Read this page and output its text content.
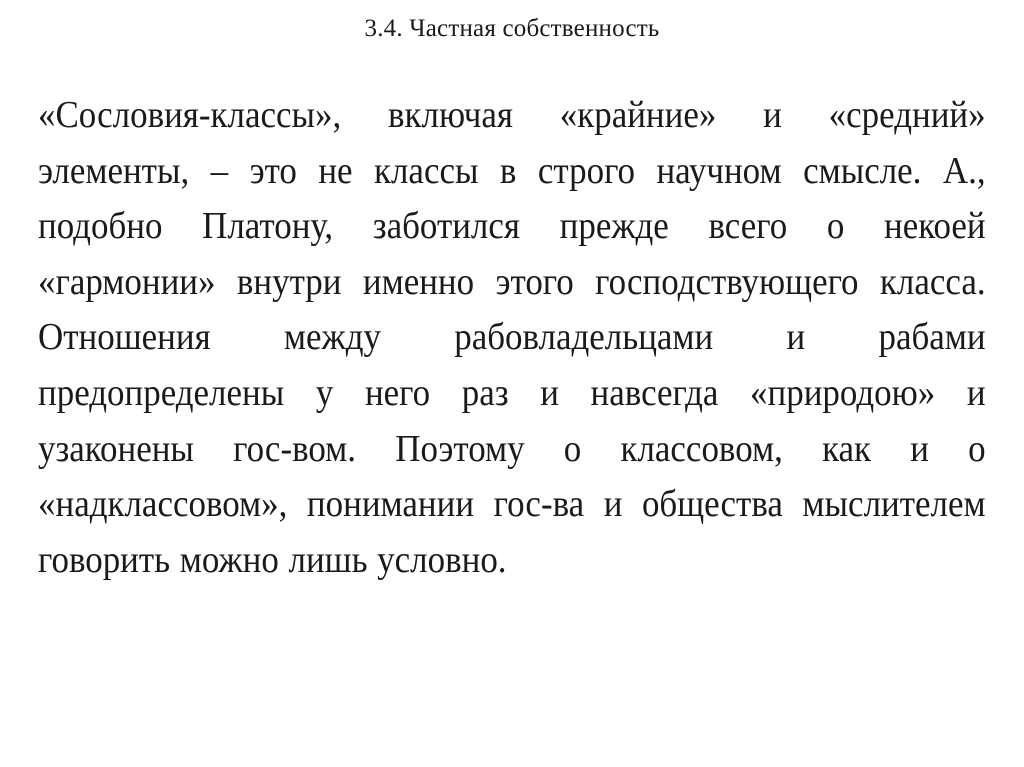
3.4. Частная собственность

«Сословия-классы», включая «крайние» и «средний» элементы, – это не классы в строго научном смысле. А., подобно Платону, заботился прежде всего о некоей «гармонии» внутри именно этого господствующего класса. Отношения между рабовладельцами и рабами предопределены у него раз и навсегда «природою» и узаконены гос-вом. Поэтому о классовом, как и о «надклассовом», понимании гос-ва и общества мыслителем говорить можно лишь условно.
